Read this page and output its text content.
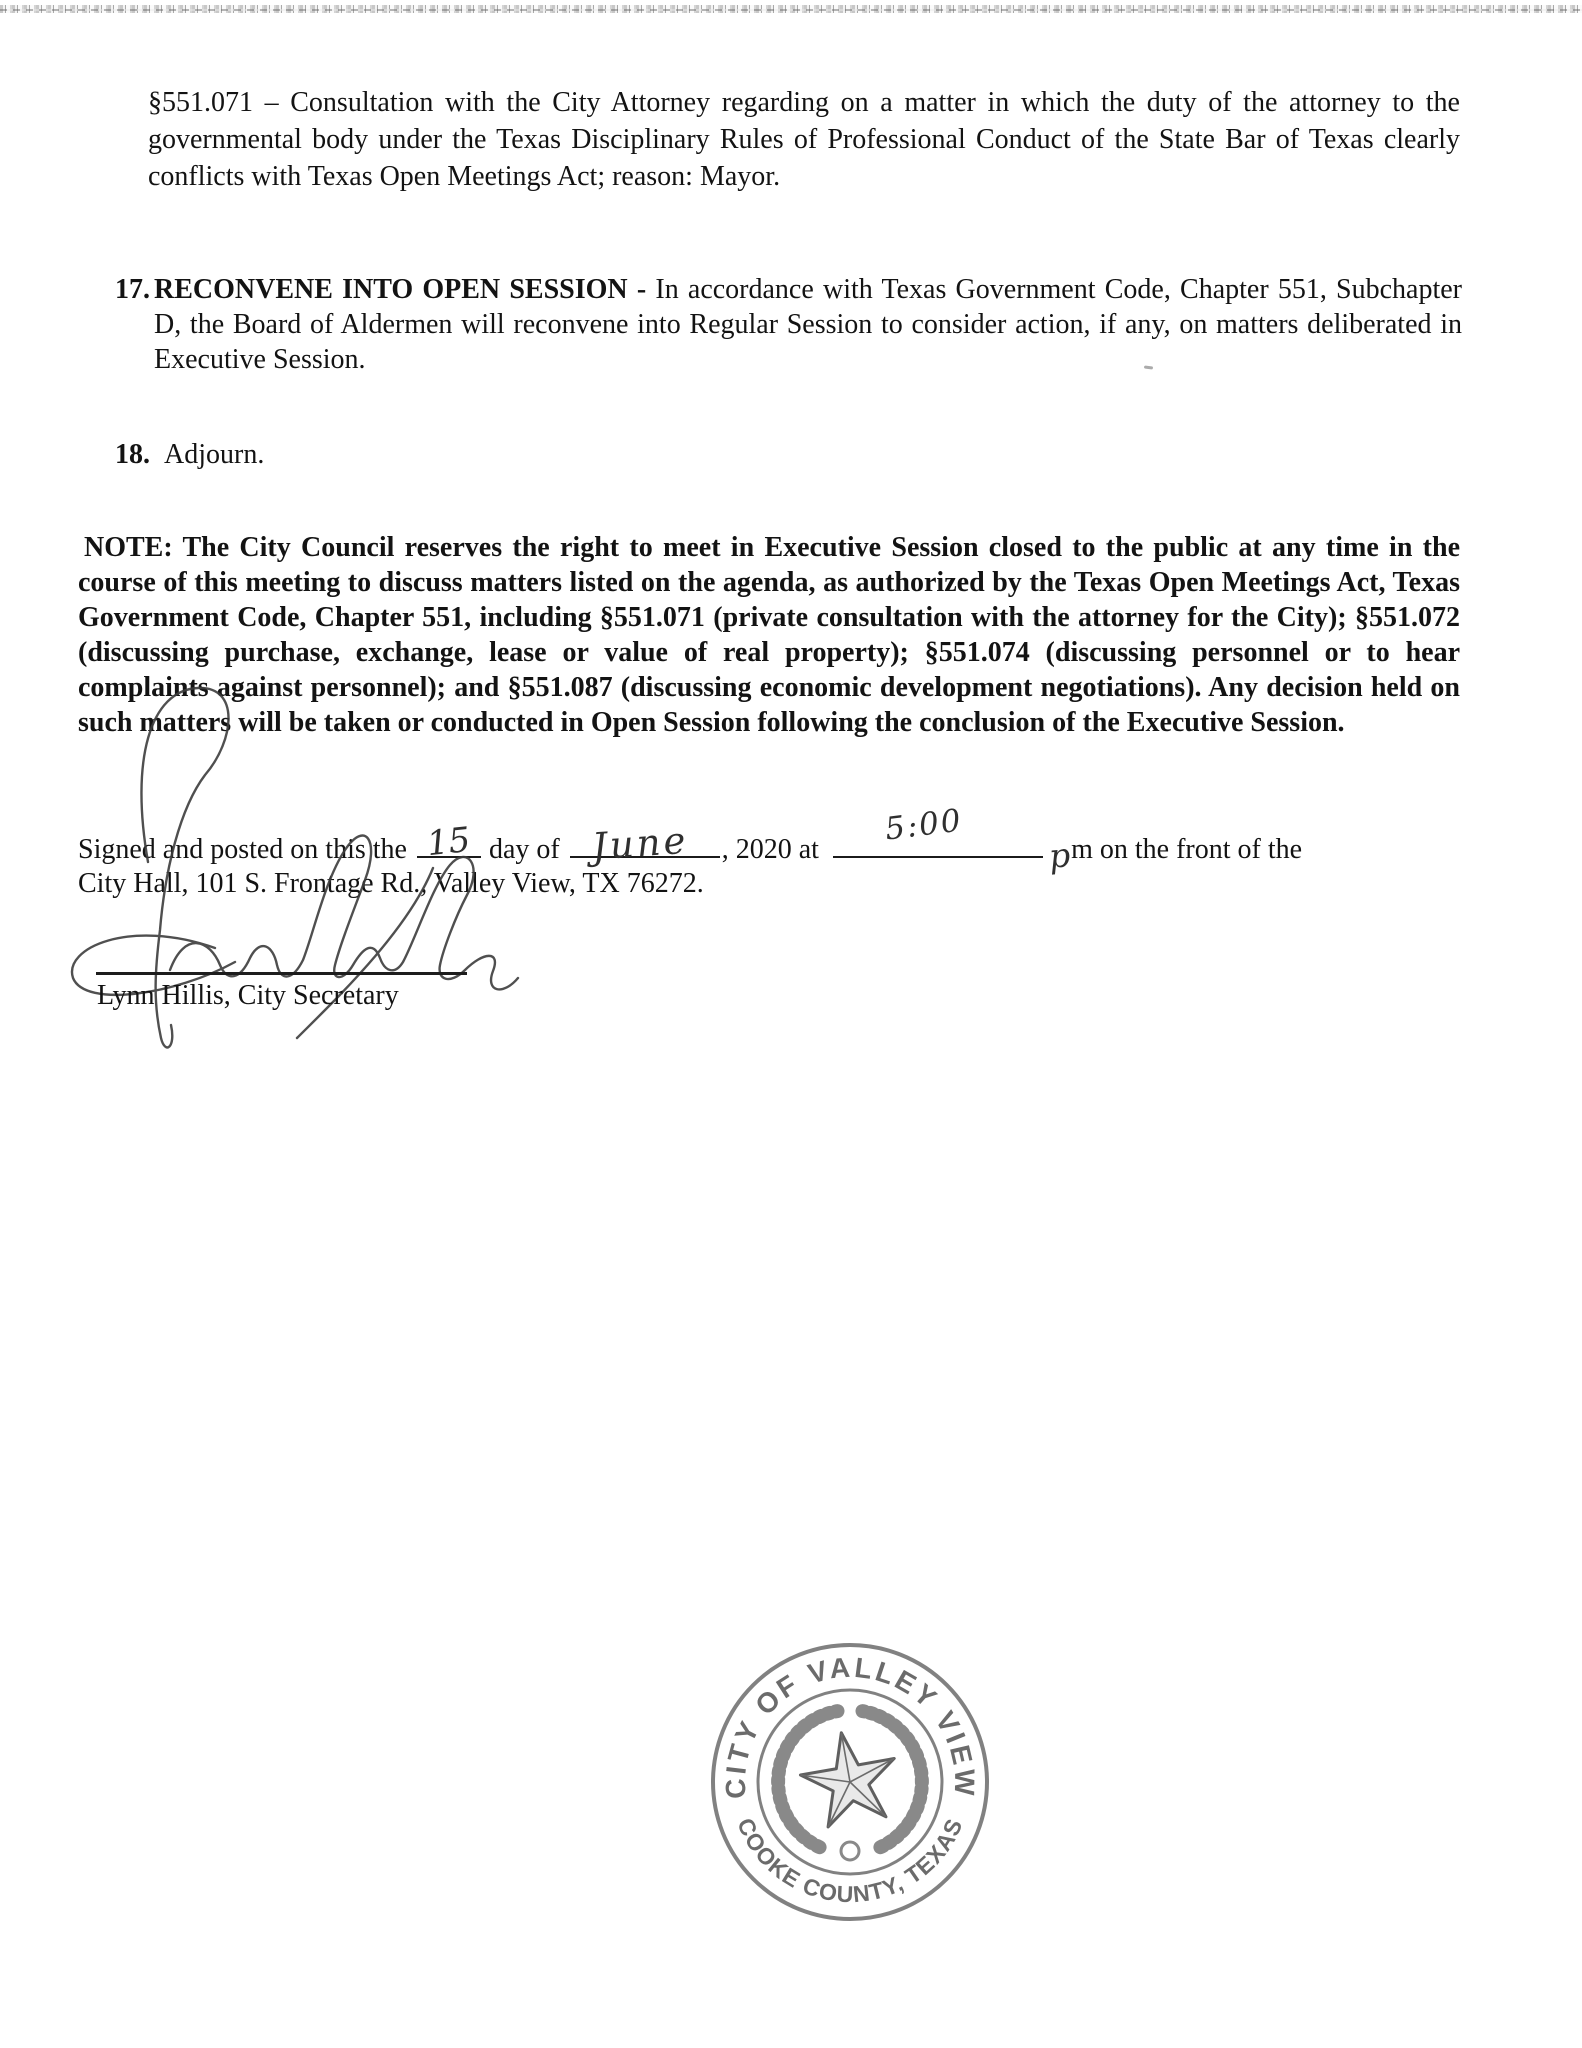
§551.071 – Consultation with the City Attorney regarding on a matter in which the duty of the attorney to the governmental body under the Texas Disciplinary Rules of Professional Conduct of the State Bar of Texas clearly conflicts with Texas Open Meetings Act; reason: Mayor.
17. RECONVENE INTO OPEN SESSION - In accordance with Texas Government Code, Chapter 551, Subchapter D, the Board of Aldermen will reconvene into Regular Session to consider action, if any, on matters deliberated in Executive Session.
18. Adjourn.
NOTE: The City Council reserves the right to meet in Executive Session closed to the public at any time in the course of this meeting to discuss matters listed on the agenda, as authorized by the Texas Open Meetings Act, Texas Government Code, Chapter 551, including §551.071 (private consultation with the attorney for the City); §551.072 (discussing purchase, exchange, lease or value of real property); §551.074 (discussing personnel or to hear complaints against personnel); and §551.087 (discussing economic development negotiations). Any decision held on such matters will be taken or conducted in Open Session following the conclusion of the Executive Session.
Signed and posted on this the 15 day of June , 2020 at
5:00
pm on the front of the
City Hall, 101 S. Frontage Rd., Valley View, TX 76272.
Lynn Hillis, City Secretary
CITY OF VALLEY VIEW
COOKE COUNTY, TEXAS
